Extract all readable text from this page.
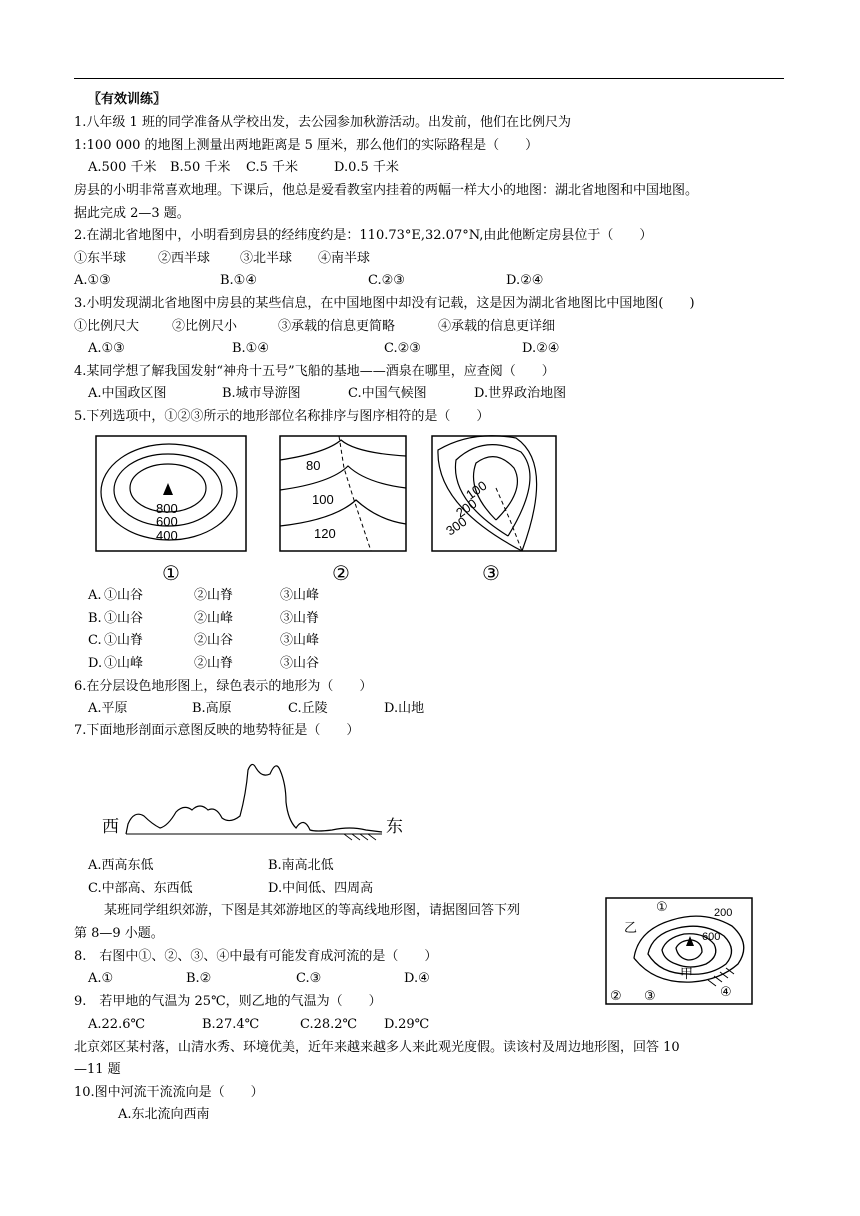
〖有效训练〗
1.八年级 1 班的同学准备从学校出发，去公园参加秋游活动。出发前，他们在比例尺为
1:100 000 的地图上测量出两地距离是 5 厘米，那么他们的实际路程是（　　）
A.500 千米 B.50 千米 C.5 千米	D.0.5 千米
房县的小明非常喜欢地理。下课后，他总是爱看教室内挂着的两幅一样大小的地图：湖北省地图和中国地图。
据此完成 2—3 题。
2.在湖北省地图中，小明看到房县的经纬度约是：110.73°E,32.07°N,由此他断定房县位于（　　）
①东半球 ②西半球 ③北半球 ④南半球
A.①③	B.①④	C.②③	D.②④
3.小明发现湖北省地图中房县的某些信息，在中国地图中却没有记载，这是因为湖北省地图比中国地图(　　)
①比例尺大	②比例尺小	③承载的信息更简略	④承载的信息更详细
A.①③	B.①④	C.②③	D.②④
4.某同学想了解我国发射“神舟十五号”飞船的基地——酒泉在哪里，应查阅（　　）
A.中国政区图	B.城市导游图	C.中国气候图	D.世界政治地图
5.下列选项中，①②③所示的地形部位名称排序与图序相符的是（　　）
800
600
400
80
100
120
100
200
300
①	②	③
A. ①山谷	②山脊	③山峰
B. ①山谷	②山峰	③山脊
C. ①山脊	②山谷	③山峰
D. ①山峰	②山脊	③山谷
6.在分层设色地形图上，绿色表示的地形为（　　）
A.平原	B.高原	C.丘陵	D.山地
7.下面地形剖面示意图反映的地势特征是（　　）
西	东
A.西高东低	B.南高北低
C.中部高、东西低	D.中间低、四周高
某班同学组织郊游，下图是其郊游地区的等高线地形图，请据图回答下列
第 8—9 小题。
①
② ③	④
乙
甲
200
600
8.　右图中①、②、③、④中最有可能发育成河流的是（　　）
A.①	B.②	C.③	D.④
9.　若甲地的气温为 25℃，则乙地的气温为（　　）
A.22.6℃	B.27.4℃	C.28.2℃ D.29℃
北京郊区某村落，山清水秀、环境优美，近年来越来越多人来此观光度假。读该村及周边地形图，回答 10
—11 题
10.图中河流干流流向是（　　）
A.东北流向西南
